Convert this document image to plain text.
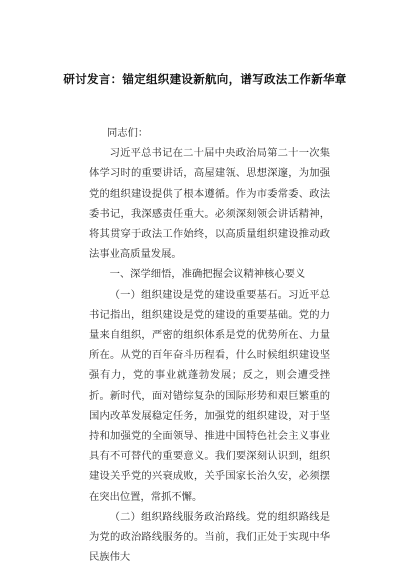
研讨发言：锚定组织建设新航向，谱写政法工作新华章

同志们：

习近平总书记在二十届中央政治局第二十一次集体学习时的重要讲话，高屋建瓴、思想深邃，为加强党的组织建设提供了根本遵循。作为市委常委、政法委书记，我深感责任重大。必须深刻领会讲话精神，将其贯穿于政法工作始终，以高质量组织建设推动政法事业高质量发展。

一、深学细悟，准确把握会议精神核心要义

（一）组织建设是党的建设重要基石。习近平总书记指出，组织建设是党的建设的重要基础。党的力量来自组织，严密的组织体系是党的优势所在、力量所在。从党的百年奋斗历程看，什么时候组织建设坚强有力，党的事业就蓬勃发展；反之，则会遭受挫折。新时代，面对错综复杂的国际形势和艰巨繁重的国内改革发展稳定任务，加强党的组织建设，对于坚持和加强党的全面领导、推进中国特色社会主义事业具有不可替代的重要意义。我们要深刻认识到，组织建设关乎党的兴衰成败，关乎国家长治久安，必须摆在突出位置，常抓不懈。

（二）组织路线服务政治路线。党的组织路线是为党的政治路线服务的。当前，我们正处于实现中华民族伟大
